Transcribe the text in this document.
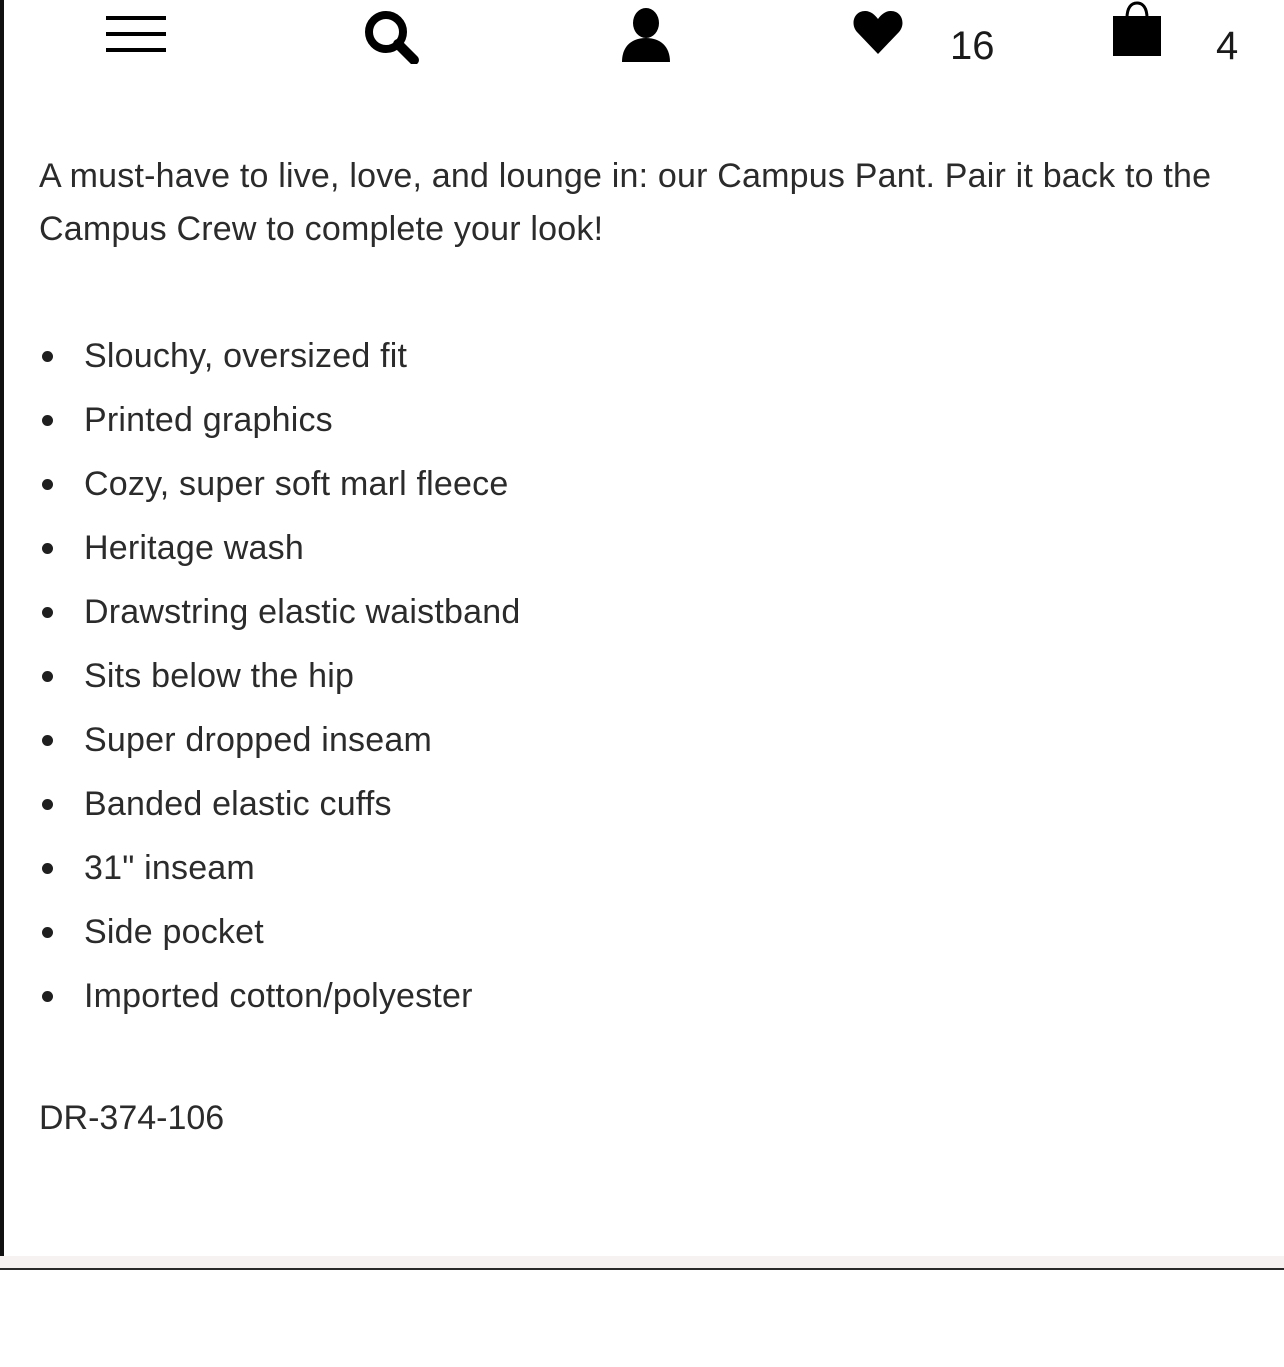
16	4

A must-have to live, love, and lounge in: our Campus Pant. Pair it back to the Campus Crew to complete your look!

Slouchy, oversized fit
Printed graphics
Cozy, super soft marl fleece
Heritage wash
Drawstring elastic waistband
Sits below the hip
Super dropped inseam
Banded elastic cuffs
31" inseam
Side pocket
Imported cotton/polyester
DR-374-106
